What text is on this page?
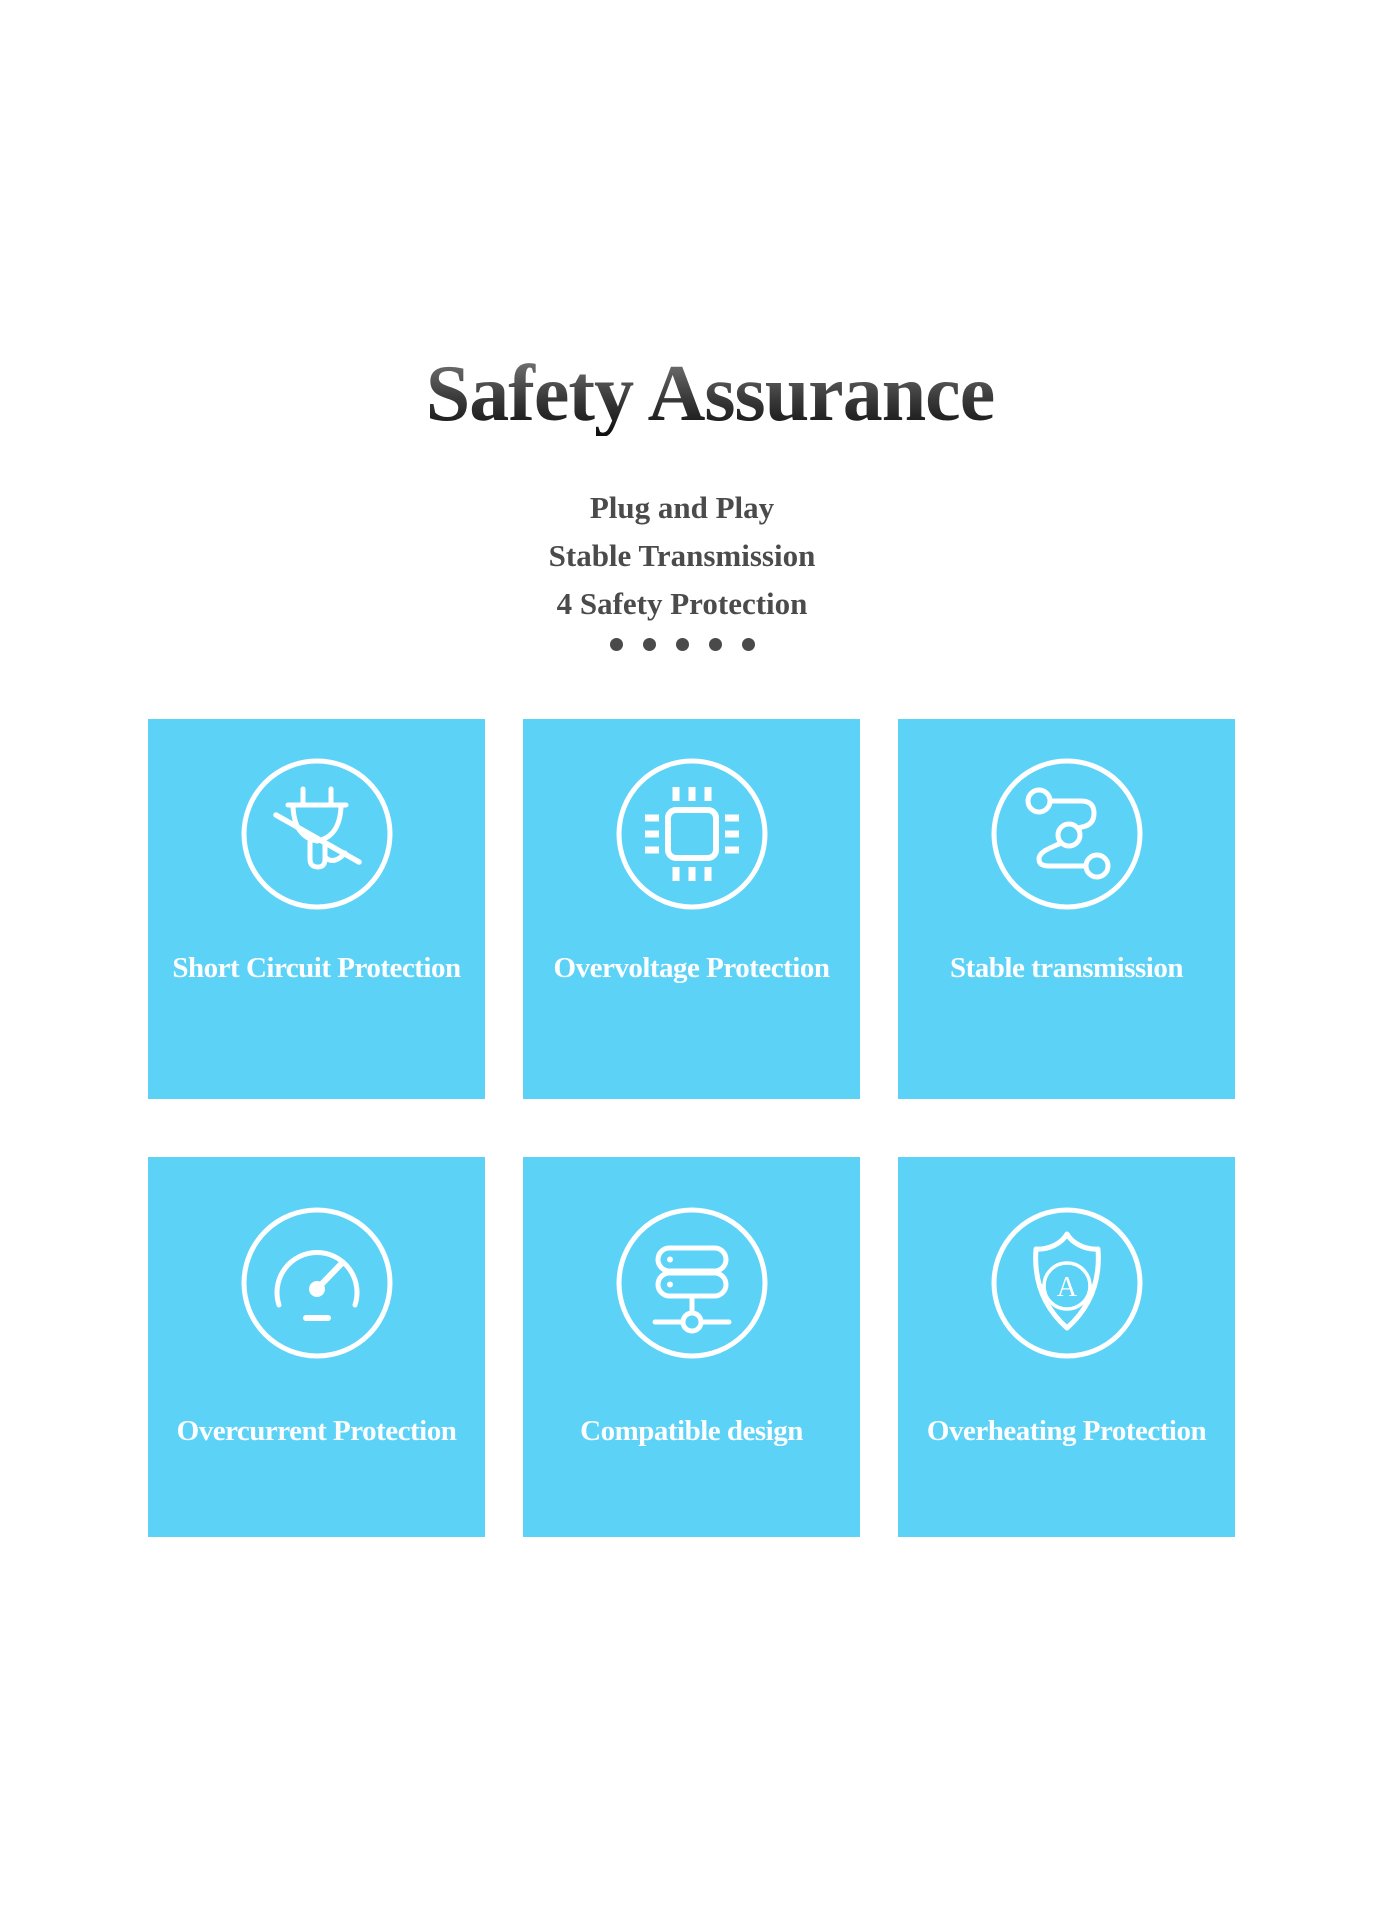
Safety Assurance
Plug and Play
Stable Transmission
4 Safety Protection
Short Circuit Protection	Overvoltage Protection	Stable transmission
Overcurrent Protection	Compatible design
A
Overheating Protection
